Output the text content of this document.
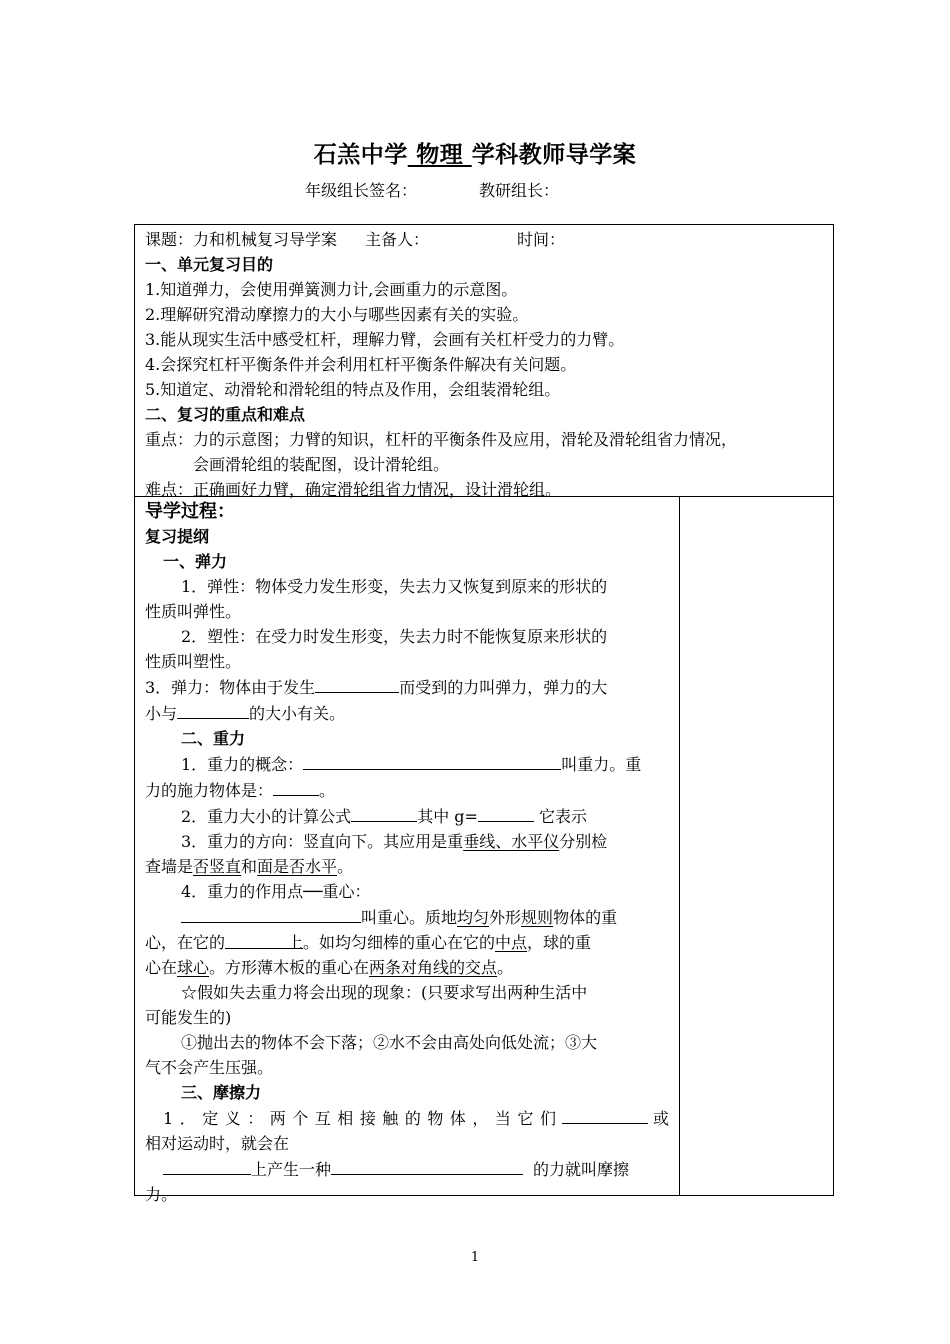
石羔中学 物理 学科教师导学案
年级组长签名：	教研组长：
课题：力和机械复习导学案 主备人：	时间：
一、单元复习目的
1.知道弹力，会使用弹簧测力计,会画重力的示意图。
2.理解研究滑动摩擦力的大小与哪些因素有关的实验。
3.能从现实生活中感受杠杆，理解力臂，会画有关杠杆受力的力臂。
4.会探究杠杆平衡条件并会利用杠杆平衡条件解决有关问题。
5.知道定、动滑轮和滑轮组的特点及作用，会组装滑轮组。
二、复习的重点和难点
重点：力的示意图；力臂的知识，杠杆的平衡条件及应用，滑轮及滑轮组省力情况，
会画滑轮组的装配图，设计滑轮组。
难点：正确画好力臂，确定滑轮组省力情况，设计滑轮组。
导学过程：
复习提纲
一、弹力
1．弹性：物体受力发生形变，失去力又恢复到原来的形状的
性质叫弹性。
2．塑性：在受力时发生形变，失去力时不能恢复原来形状的
性质叫塑性。
3．弹力：物体由于发生	而受到的力叫弹力，弹力的大
小与	的大小有关。
二、重力
1．重力的概念：	叫重力。重
力的施力物体是：	。
2．重力大小的计算公式	其中 g=	它表示
3．重力的方向：竖直向下。其应用是重垂线、水平仪分别检
查墙是否竖直和面是否水平。
4．重力的作用点──重心：
叫重心。质地均匀外形规则物体的重
心，在它的	上。如均匀细棒的重心在它的中点，球的重
心在球心。方形薄木板的重心在两条对角线的交点。
☆假如失去重力将会出现的现象：(只要求写出两种生活中
可能发生的)
①抛出去的物体不会下落；②水不会由高处向低处流；③大
气不会产生压强。
三、摩擦力
1．定义：两个互相接触的物体，当它们	或
相对运动时，就会在
上产生一种	的力就叫摩擦
力。
1
